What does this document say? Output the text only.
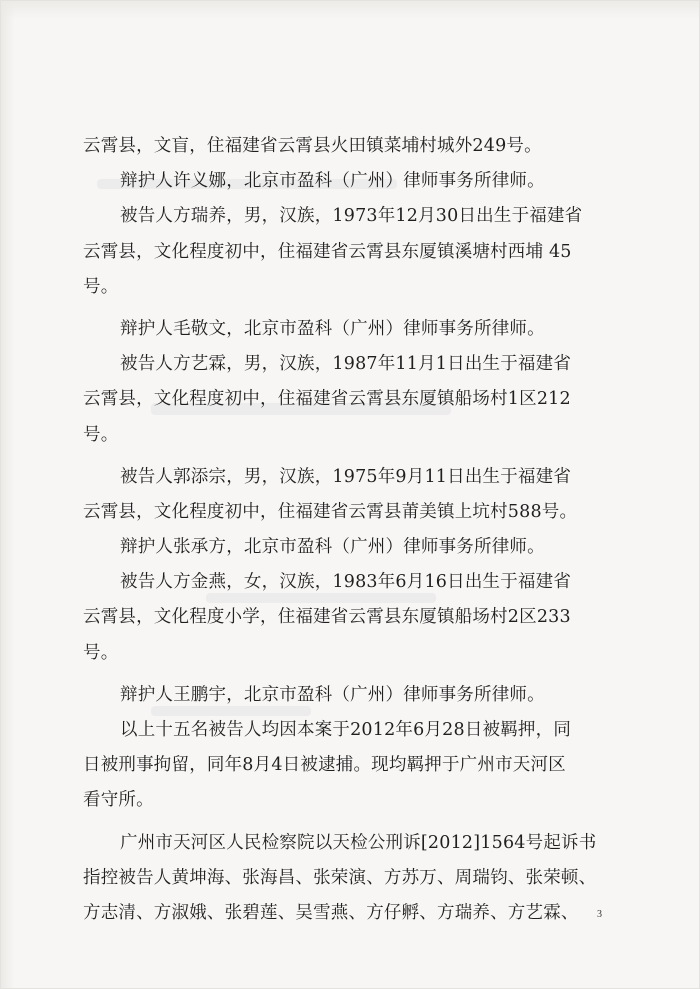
云霄县，文盲，住福建省云霄县火田镇菜埔村城外249号。
辩护人许义娜，北京市盈科（广州）律师事务所律师。
被告人方瑞养，男，汉族，1973年12月30日出生于福建省
云霄县，文化程度初中，住福建省云霄县东厦镇溪塘村西埔 45
号。
辩护人毛敬文，北京市盈科（广州）律师事务所律师。
被告人方艺霖，男，汉族，1987年11月1日出生于福建省
云霄县，文化程度初中，住福建省云霄县东厦镇船场村1区212
号。
被告人郭添宗，男，汉族，1975年9月11日出生于福建省
云霄县，文化程度初中，住福建省云霄县莆美镇上坑村588号。
辩护人张承方，北京市盈科（广州）律师事务所律师。
被告人方金燕，女，汉族，1983年6月16日出生于福建省
云霄县，文化程度小学，住福建省云霄县东厦镇船场村2区233
号。
辩护人王鹏宇，北京市盈科（广州）律师事务所律师。
以上十五名被告人均因本案于2012年6月28日被羁押，同
日被刑事拘留，同年8月4日被逮捕。现均羁押于广州市天河区
看守所。
广州市天河区人民检察院以天检公刑诉[2012]1564号起诉书
指控被告人黄坤海、张海昌、张荣演、方苏万、周瑞钧、张荣顿、
方志清、方淑娥、张碧莲、吴雪燕、方仔孵、方瑞养、方艺霖、	3
